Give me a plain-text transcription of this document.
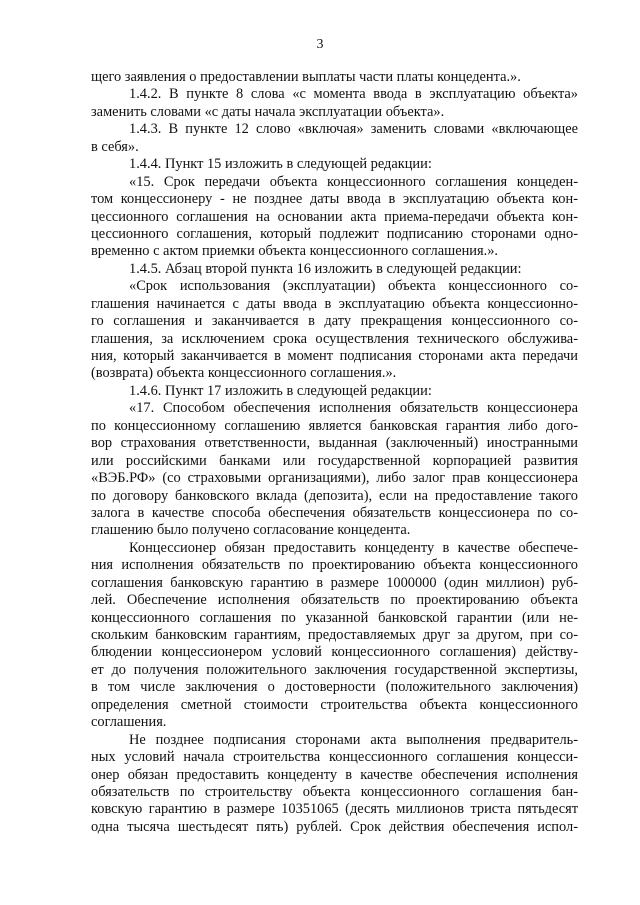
3
щего заявления о предоставлении выплаты части платы концедента.».
1.4.2. В пункте 8 слова «с момента ввода в эксплуатацию объекта»
заменить словами «с даты начала эксплуатации объекта».
1.4.3. В пункте 12 слово «включая» заменить словами «включающее
в себя».
1.4.4. Пункт 15 изложить в следующей редакции:
«15. Срок передачи объекта концессионного соглашения концеден-
том концессионеру - не позднее даты ввода в эксплуатацию объекта кон-
цессионного соглашения на основании акта приема-передачи объекта кон-
цессионного соглашения, который подлежит подписанию сторонами одно-
временно с актом приемки объекта концессионного соглашения.».
1.4.5. Абзац второй пункта 16 изложить в следующей редакции:
«Срок использования (эксплуатации) объекта концессионного со-
глашения начинается с даты ввода в эксплуатацию объекта концессионно-
го соглашения и заканчивается в дату прекращения концессионного со-
глашения, за исключением срока осуществления технического обслужива-
ния, который заканчивается в момент подписания сторонами акта передачи
(возврата) объекта концессионного соглашения.».
1.4.6. Пункт 17 изложить в следующей редакции:
«17. Способом обеспечения исполнения обязательств концессионера
по концессионному соглашению является банковская гарантия либо дого-
вор страхования ответственности, выданная (заключенный) иностранными
или российскими банками или государственной корпорацией развития
«ВЭБ.РФ» (со страховыми организациями), либо залог прав концессионера
по договору банковского вклада (депозита), если на предоставление такого
залога в качестве способа обеспечения обязательств концессионера по со-
глашению было получено согласование концедента.
Концессионер обязан предоставить концеденту в качестве обеспече-
ния исполнения обязательств по проектированию объекта концессионного
соглашения банковскую гарантию в размере 1000000 (один миллион) руб-
лей. Обеспечение исполнения обязательств по проектированию объекта
концессионного соглашения по указанной банковской гарантии (или не-
скольким банковским гарантиям, предоставляемых друг за другом, при со-
блюдении концессионером условий концессионного соглашения) действу-
ет до получения положительного заключения государственной экспертизы,
в том числе заключения о достоверности (положительного заключения)
определения сметной стоимости строительства объекта концессионного
соглашения.
Не позднее подписания сторонами акта выполнения предваритель-
ных условий начала строительства концессионного соглашения концесси-
онер обязан предоставить концеденту в качестве обеспечения исполнения
обязательств по строительству объекта концессионного соглашения бан-
ковскую гарантию в размере 10351065 (десять миллионов триста пятьдесят
одна тысяча шестьдесят пять) рублей. Срок действия обеспечения испол-
